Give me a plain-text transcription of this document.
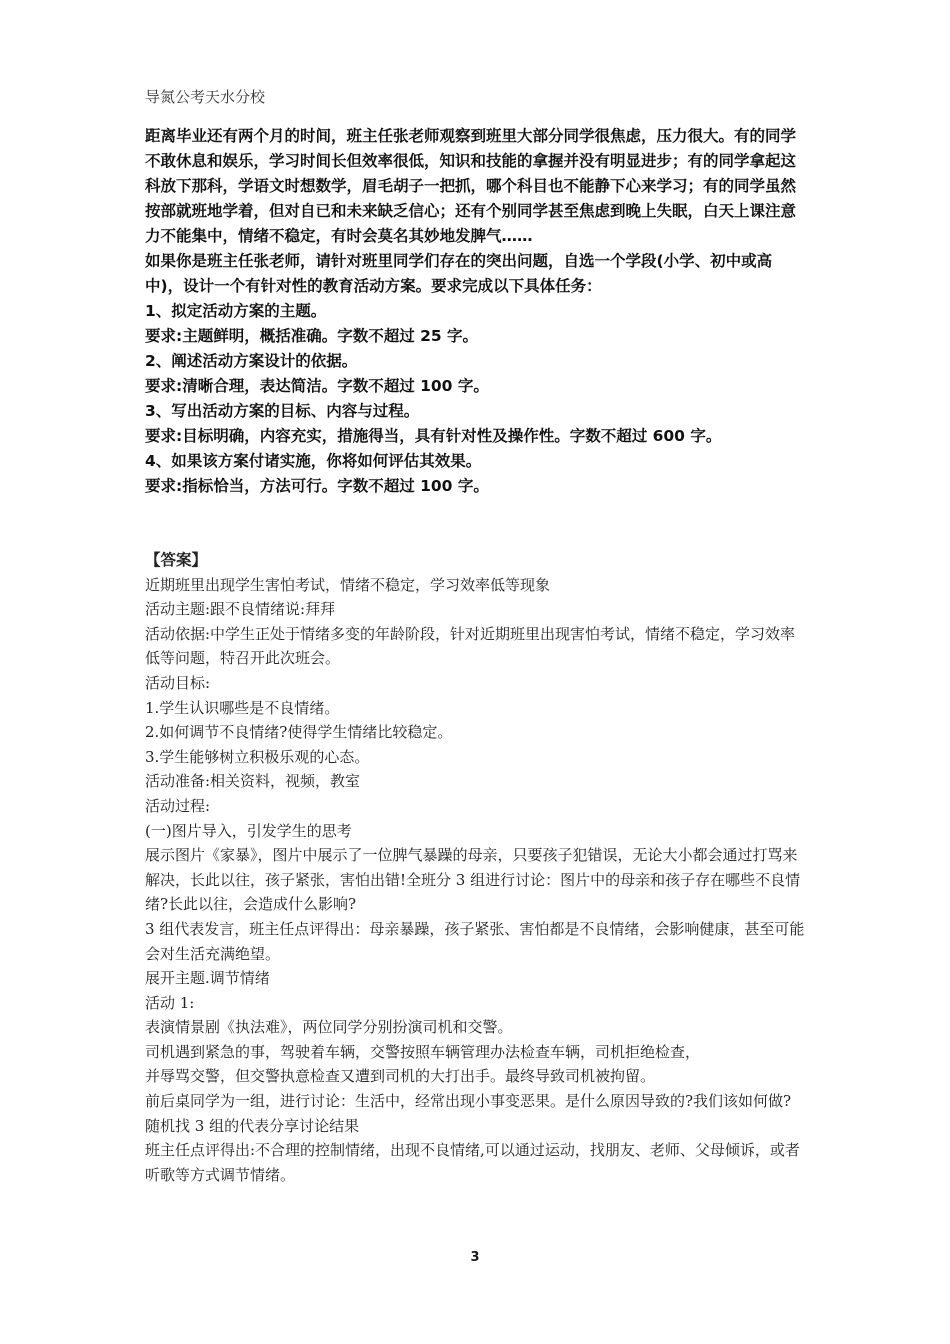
导氮公考天水分校

距离毕业还有两个月的时间，班主任张老师观察到班里大部分同学很焦虑，压力很大。有的同学不敢休息和娱乐，学习时间长但效率很低，知识和技能的拿握并没有明显进步；有的同学拿起这科放下那科，学语文时想数学，眉毛胡子一把抓，哪个科目也不能静下心来学习；有的同学虽然按部就班地学着，但对自已和未来缺乏信心；还有个别同学甚至焦虑到晚上失眠，白天上课注意力不能集中，情绪不稳定，有时会莫名其妙地发脾气……

如果你是班主任张老师，请针对班里同学们存在的突出问题，自选一个学段(小学、初中或高中)，设计一个有针对性的教育活动方案。要求完成以下具体任务：

1、拟定活动方案的主题。

要求:主题鲜明，概括准确。字数不超过 25 字。

2、阐述活动方案设计的依据。

要求:清晰合理，表达简洁。字数不超过 100 字。

3、写出活动方案的目标、内容与过程。

要求:目标明确，内容充实，措施得当，具有针对性及操作性。字数不超过 600 字。

4、如果该方案付诸实施，你将如何评估其效果。

要求:指标恰当，方法可行。字数不超过 100 字。

【答案】

近期班里出现学生害怕考试，情绪不稳定，学习效率低等现象

活动主题:跟不良情绪说:拜拜

活动依据:中学生正处于情绪多变的年龄阶段，针对近期班里出现害怕考试，情绪不稳定，学习效率低等问题，特召开此次班会。

活动目标:

1.学生认识哪些是不良情绪。

2.如何调节不良情绪?使得学生情绪比较稳定。

3.学生能够树立积极乐观的心态。

活动准备:相关资料，视频，教室

活动过程:

(一)图片导入，引发学生的思考

展示图片《家暴》，图片中展示了一位脾气暴躁的母亲，只要孩子犯错误，无论大小都会通过打骂来解决，长此以往，孩子紧张，害怕出错!全班分 3 组进行讨论：图片中的母亲和孩子存在哪些不良情绪?长此以往，会造成什么影响?

3 组代表发言，班主任点评得出：母亲暴躁，孩子紧张、害怕都是不良情绪，会影响健康，甚至可能会对生活充满绝望。

展开主题.调节情绪

活动 1:

表演情景剧《执法难》，两位同学分别扮演司机和交警。

司机遇到紧急的事，驾驶着车辆，交警按照车辆管理办法检查车辆，司机拒绝检查，

并辱骂交警，但交警执意检查又遭到司机的大打出手。最终导致司机被拘留。

前后桌同学为一组，进行讨论：生活中，经常出现小事变恶果。是什么原因导致的?我们该如何做?

随机找 3 组的代表分享讨论结果

班主任点评得出:不合理的控制情绪，出现不良情绪,可以通过运动，找朋友、老师、父母倾诉，或者听歌等方式调节情绪。

3
